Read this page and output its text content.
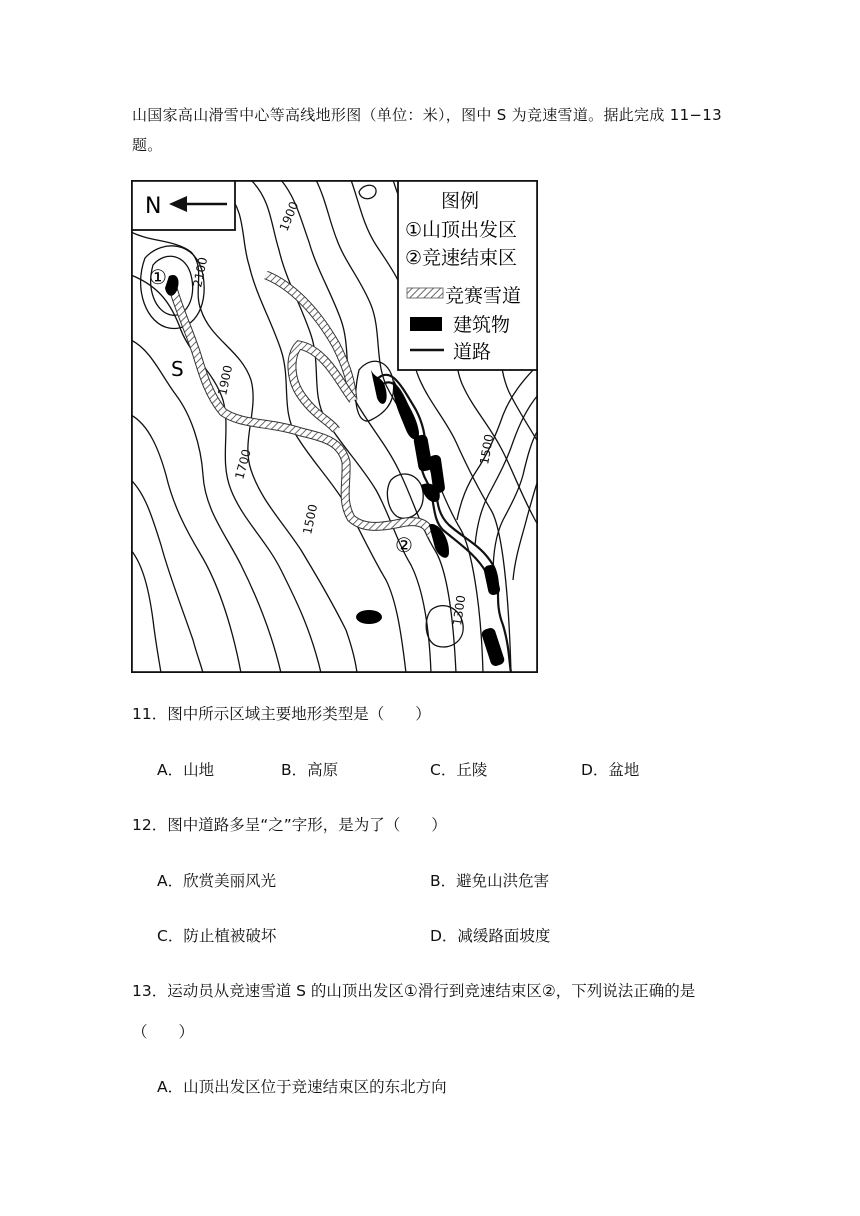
山国家高山滑雪中心等高线地形图（单位：米），图中 S 为竞速雪道。据此完成 11−13 题。
N	图例
①山顶出发区
②竞速结束区
竞赛雪道
建筑物
道路
1900
2100
1900
1700
1500
1500
1300
①
②
S
11．图中所示区域主要地形类型是（　　）
A．山地	B．高原	C．丘陵	D．盆地
12．图中道路多呈“之”字形，是为了（　　）
A．欣赏美丽风光	B．避免山洪危害
C．防止植被破坏	D．减缓路面坡度
13．运动员从竞速雪道 S 的山顶出发区①滑行到竞速结束区②，下列说法正确的是
（　　）
A．山顶出发区位于竞速结束区的东北方向
